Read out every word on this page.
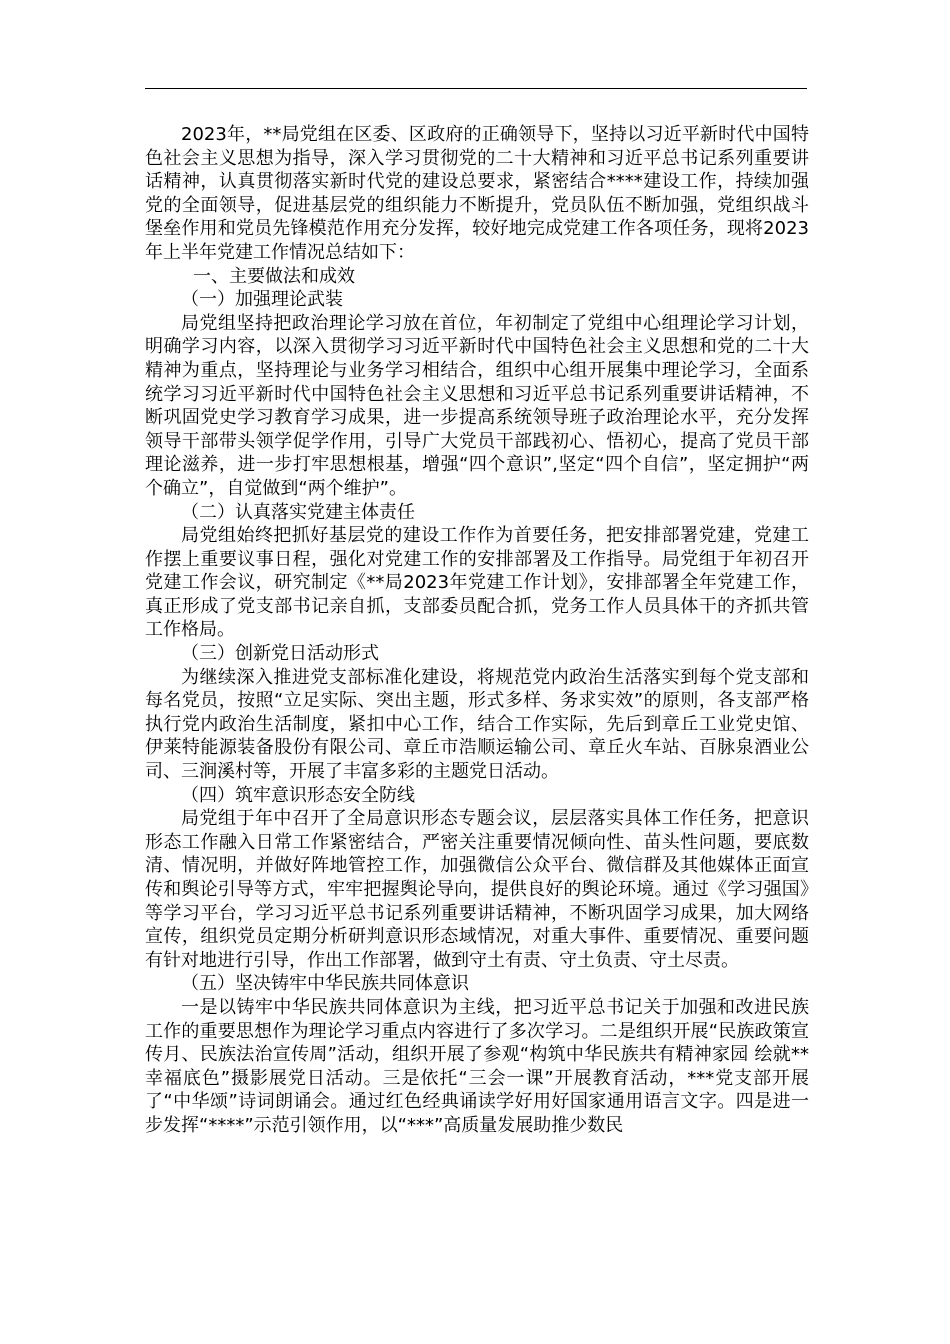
2023年，**局党组在区委、区政府的正确领导下，坚持以习近平新时代中国特色社会主义思想为指导，深入学习贯彻党的二十大精神和习近平总书记系列重要讲话精神，认真贯彻落实新时代党的建设总要求，紧密结合****建设工作，持续加强党的全面领导，促进基层党的组织能力不断提升，党员队伍不断加强，党组织战斗堡垒作用和党员先锋模范作用充分发挥，较好地完成党建工作各项任务，现将2023年上半年党建工作情况总结如下：

一、主要做法和成效

（一）加强理论武装

局党组坚持把政治理论学习放在首位，年初制定了党组中心组理论学习计划，明确学习内容，以深入贯彻学习习近平新时代中国特色社会主义思想和党的二十大精神为重点，坚持理论与业务学习相结合，组织中心组开展集中理论学习，全面系统学习习近平新时代中国特色社会主义思想和习近平总书记系列重要讲话精神，不断巩固党史学习教育学习成果，进一步提高系统领导班子政治理论水平，充分发挥领导干部带头领学促学作用，引导广大党员干部践初心、悟初心，提高了党员干部理论滋养，进一步打牢思想根基，增强“四个意识”,坚定“四个自信”，坚定拥护“两个确立”，自觉做到“两个维护”。

（二）认真落实党建主体责任

局党组始终把抓好基层党的建设工作作为首要任务，把安排部署党建，党建工作摆上重要议事日程，强化对党建工作的安排部署及工作指导。局党组于年初召开党建工作会议，研究制定《**局2023年党建工作计划》，安排部署全年党建工作，真正形成了党支部书记亲自抓，支部委员配合抓，党务工作人员具体干的齐抓共管工作格局。

（三）创新党日活动形式

为继续深入推进党支部标准化建设，将规范党内政治生活落实到每个党支部和每名党员，按照“立足实际、突出主题，形式多样、务求实效”的原则，各支部严格执行党内政治生活制度，紧扣中心工作，结合工作实际，先后到章丘工业党史馆、伊莱特能源装备股份有限公司、章丘市浩顺运输公司、章丘火车站、百脉泉酒业公司、三涧溪村等，开展了丰富多彩的主题党日活动。

（四）筑牢意识形态安全防线

局党组于年中召开了全局意识形态专题会议，层层落实具体工作任务，把意识形态工作融入日常工作紧密结合，严密关注重要情况倾向性、苗头性问题，要底数清、情况明，并做好阵地管控工作，加强微信公众平台、微信群及其他媒体正面宣传和舆论引导等方式，牢牢把握舆论导向，提供良好的舆论环境。通过《学习强国》等学习平台，学习习近平总书记系列重要讲话精神，不断巩固学习成果，加大网络宣传，组织党员定期分析研判意识形态域情况，对重大事件、重要情况、重要问题有针对地进行引导，作出工作部署，做到守土有责、守土负责、守土尽责。

（五）坚决铸牢中华民族共同体意识

一是以铸牢中华民族共同体意识为主线，把习近平总书记关于加强和改进民族工作的重要思想作为理论学习重点内容进行了多次学习。二是组织开展“民族政策宣传月、民族法治宣传周”活动，组织开展了参观“构筑中华民族共有精神家园 绘就**幸福底色”摄影展党日活动。三是依托“三会一课”开展教育活动，***党支部开展了“中华颂”诗词朗诵会。通过红色经典诵读学好用好国家通用语言文字。四是进一步发挥“****”示范引领作用，以“***”高质量发展助推少数民
